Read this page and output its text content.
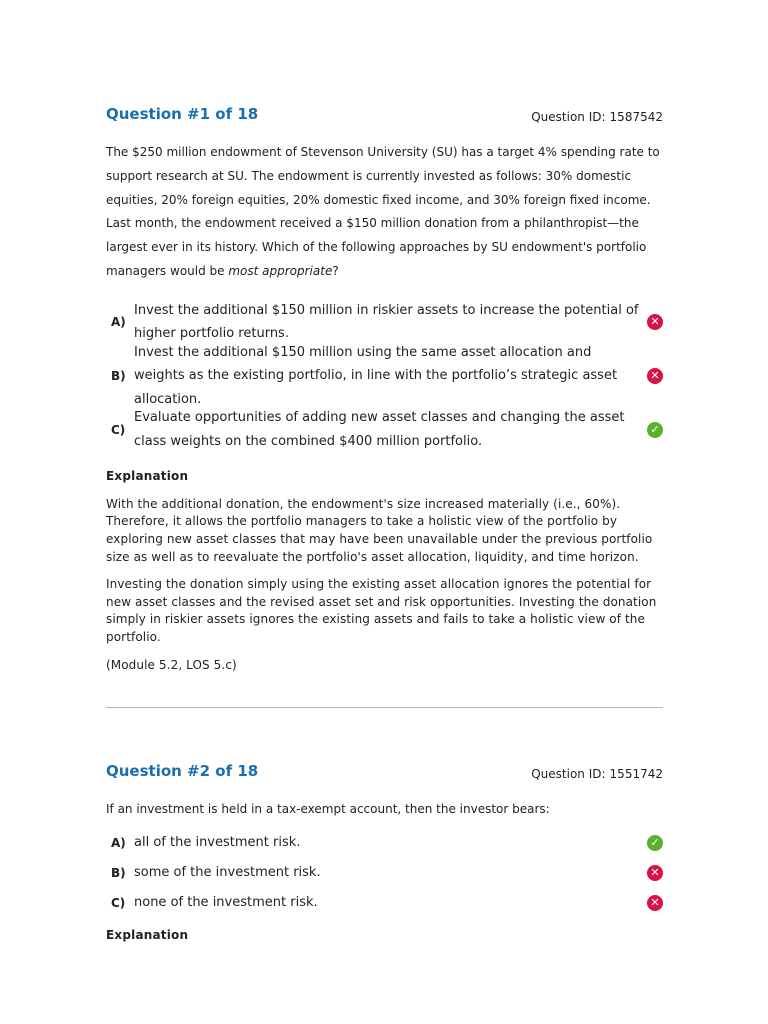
Question #1 of 18	Question ID: 1587542

The $250 million endowment of Stevenson University (SU) has a target 4% spending rate to support research at SU. The endowment is currently invested as follows: 30% domestic equities, 20% foreign equities, 20% domestic fixed income, and 30% foreign fixed income. Last month, the endowment received a $150 million donation from a philanthropist—the largest ever in its history. Which of the following approaches by SU endowment's portfolio managers would be most appropriate?

A)
Invest the additional $150 million in riskier assets to increase the potential of higher portfolio returns.
✕
B)
Invest the additional $150 million using the same asset allocation and weights as the existing portfolio, in line with the portfolio’s strategic asset allocation.
✕
C)
Evaluate opportunities of adding new asset classes and changing the asset class weights on the combined $400 million portfolio.
✓

Explanation

With the additional donation, the endowment's size increased materially (i.e., 60%). Therefore, it allows the portfolio managers to take a holistic view of the portfolio by exploring new asset classes that may have been unavailable under the previous portfolio size as well as to reevaluate the portfolio's asset allocation, liquidity, and time horizon.

Investing the donation simply using the existing asset allocation ignores the potential for new asset classes and the revised asset set and risk opportunities. Investing the donation simply in riskier assets ignores the existing assets and fails to take a holistic view of the portfolio.

(Module 5.2, LOS 5.c)

Question #2 of 18	Question ID: 1551742

If an investment is held in a tax-exempt account, then the investor bears:

A) all of the investment risk.	✓
B) some of the investment risk.	✕
C) none of the investment risk.	✕

Explanation
